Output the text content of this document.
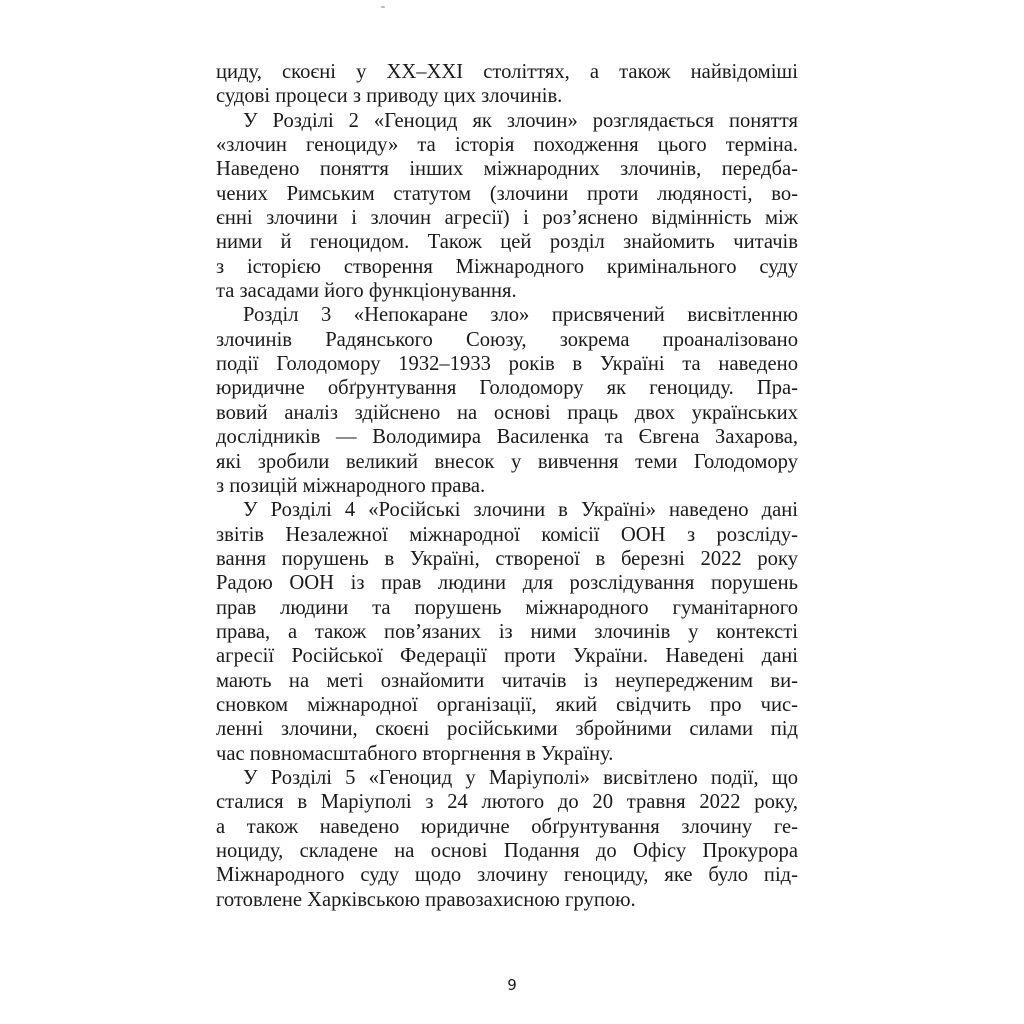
циду, скоєні у XX–XXI століттях, а також найвідоміші
судові процеси з приводу цих злочинів.
У Розділі 2 «Геноцид як злочин» розглядається поняття
«злочин геноциду» та історія походження цього терміна.
Наведено поняття інших міжнародних злочинів, передба-
чених Римським статутом (злочини проти людяності, во-
єнні злочини і злочин агресії) і роз’яснено відмінність між
ними й геноцидом. Також цей розділ знайомить читачів
з історією створення Міжнародного кримінального суду
та засадами його функціонування.
Розділ 3 «Непокаране зло» присвячений висвітленню
злочинів Радянського Союзу, зокрема проаналізовано
події Голодомору 1932–1933 років в Україні та наведено
юридичне обґрунтування Голодомору як геноциду. Пра-
вовий аналіз здійснено на основі праць двох українських
дослідників — Володимира Василенка та Євгена Захарова,
які зробили великий внесок у вивчення теми Голодомору
з позицій міжнародного права.
У Розділі 4 «Російські злочини в Україні» наведено дані
звітів Незалежної міжнародної комісії ООН з розсліду-
вання порушень в Україні, створеної в березні 2022 року
Радою ООН із прав людини для розслідування порушень
прав людини та порушень міжнародного гуманітарного
права, а також пов’язаних із ними злочинів у контексті
агресії Російської Федерації проти України. Наведені дані
мають на меті ознайомити читачів із неупередженим ви-
сновком міжнародної організації, який свідчить про чис-
ленні злочини, скоєні російськими збройними силами під
час повномасштабного вторгнення в Україну.
У Розділі 5 «Геноцид у Маріуполі» висвітлено події, що
сталися в Маріуполі з 24 лютого до 20 травня 2022 року,
а також наведено юридичне обґрунтування злочину ге-
ноциду, складене на основі Подання до Офісу Прокурора
Міжнародного суду щодо злочину геноциду, яке було під-
готовлене Харківською правозахисною групою.
9
